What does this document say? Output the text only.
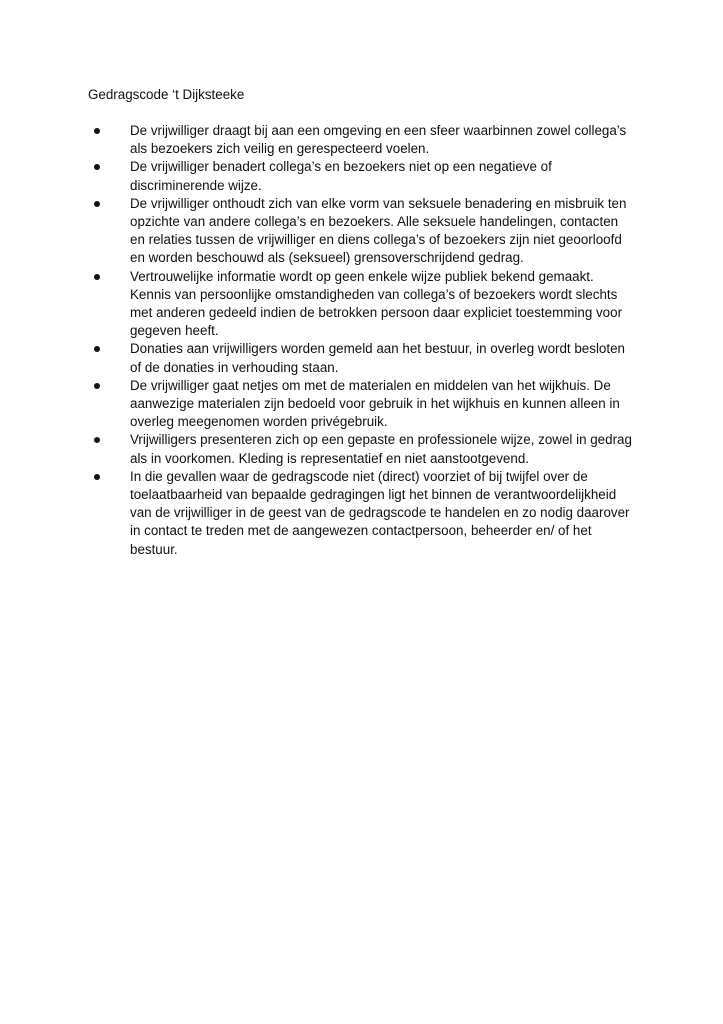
Gedragscode ‘t Dijksteeke
De vrijwilliger draagt bij aan een omgeving en een sfeer waarbinnen zowel collega’s als bezoekers zich veilig en gerespecteerd voelen.
De vrijwilliger benadert collega’s en bezoekers niet op een negatieve of discriminerende wijze.
De vrijwilliger onthoudt zich van elke vorm van seksuele benadering en misbruik ten opzichte van andere collega’s en bezoekers. Alle seksuele handelingen, contacten en relaties tussen de vrijwilliger en diens collega’s of bezoekers zijn niet geoorloofd en worden beschouwd als (seksueel) grensoverschrijdend gedrag.
Vertrouwelijke informatie wordt op geen enkele wijze publiek bekend gemaakt. Kennis van persoonlijke omstandigheden van collega’s of bezoekers wordt slechts met anderen gedeeld indien de betrokken persoon daar expliciet toestemming voor gegeven heeft.
Donaties aan vrijwilligers worden gemeld aan het bestuur, in overleg wordt besloten of de donaties in verhouding staan.
De vrijwilliger gaat netjes om met de materialen en middelen van het wijkhuis. De aanwezige materialen zijn bedoeld voor gebruik in het wijkhuis en kunnen alleen in overleg meegenomen worden privégebruik.
Vrijwilligers presenteren zich op een gepaste en professionele wijze, zowel in gedrag als in voorkomen. Kleding is representatief en niet aanstootgevend.
In die gevallen waar de gedragscode niet (direct) voorziet of bij twijfel over de toelaatbaarheid van bepaalde gedragingen ligt het binnen de verantwoordelijkheid van de vrijwilliger in de geest van de gedragscode te handelen en zo nodig daarover in contact te treden met de aangewezen contactpersoon, beheerder en/ of het bestuur.
